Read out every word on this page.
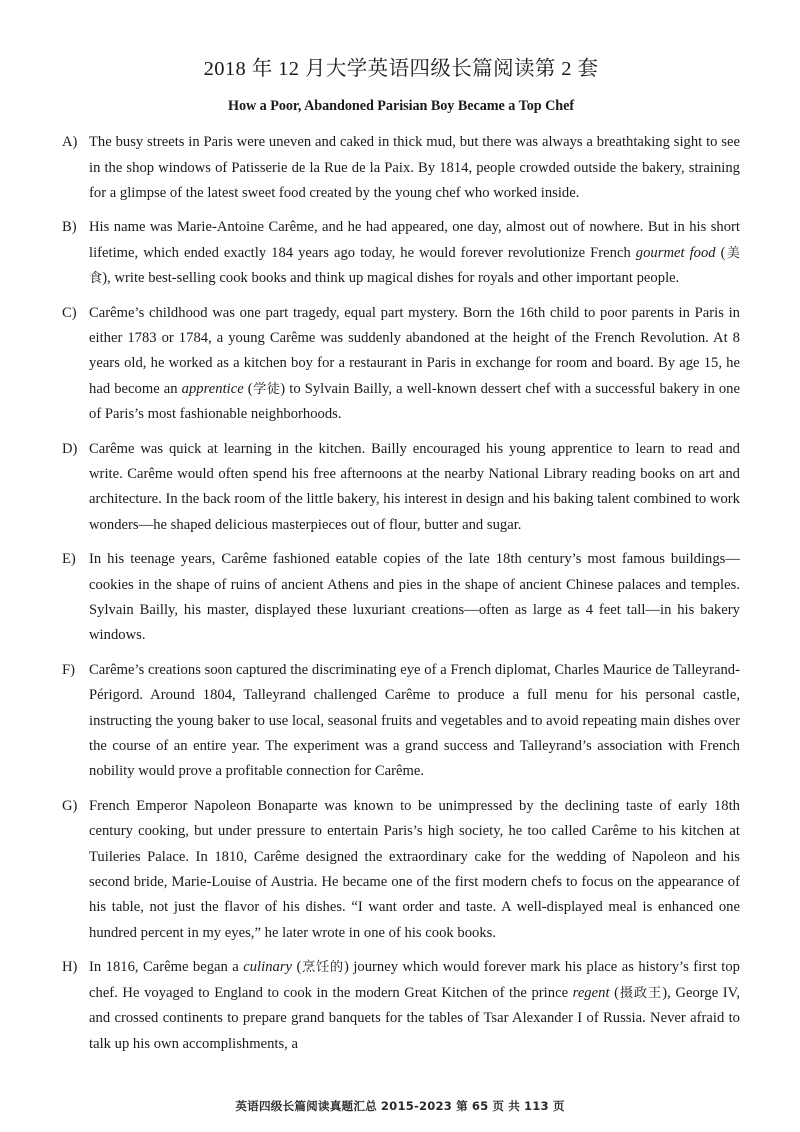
2018 年 12 月大学英语四级长篇阅读第 2 套
How a Poor, Abandoned Parisian Boy Became a Top Chef
A) The busy streets in Paris were uneven and caked in thick mud, but there was always a breathtaking sight to see in the shop windows of Patisserie de la Rue de la Paix. By 1814, people crowded outside the bakery, straining for a glimpse of the latest sweet food created by the young chef who worked inside.
B) His name was Marie-Antoine Carême, and he had appeared, one day, almost out of nowhere. But in his short lifetime, which ended exactly 184 years ago today, he would forever revolutionize French gourmet food (美食), write best-selling cook books and think up magical dishes for royals and other important people.
C) Carême’s childhood was one part tragedy, equal part mystery. Born the 16th child to poor parents in Paris in either 1783 or 1784, a young Carême was suddenly abandoned at the height of the French Revolution. At 8 years old, he worked as a kitchen boy for a restaurant in Paris in exchange for room and board. By age 15, he had become an apprentice (学徒) to Sylvain Bailly, a well-known dessert chef with a successful bakery in one of Paris’s most fashionable neighborhoods.
D) Carême was quick at learning in the kitchen. Bailly encouraged his young apprentice to learn to read and write. Carême would often spend his free afternoons at the nearby National Library reading books on art and architecture. In the back room of the little bakery, his interest in design and his baking talent combined to work wonders—he shaped delicious masterpieces out of flour, butter and sugar.
E) In his teenage years, Carême fashioned eatable copies of the late 18th century’s most famous buildings—cookies in the shape of ruins of ancient Athens and pies in the shape of ancient Chinese palaces and temples. Sylvain Bailly, his master, displayed these luxuriant creations—often as large as 4 feet tall—in his bakery windows.
F) Carême’s creations soon captured the discriminating eye of a French diplomat, Charles Maurice de Talleyrand-Périgord. Around 1804, Talleyrand challenged Carême to produce a full menu for his personal castle, instructing the young baker to use local, seasonal fruits and vegetables and to avoid repeating main dishes over the course of an entire year. The experiment was a grand success and Talleyrand’s association with French nobility would prove a profitable connection for Carême.
G) French Emperor Napoleon Bonaparte was known to be unimpressed by the declining taste of early 18th century cooking, but under pressure to entertain Paris’s high society, he too called Carême to his kitchen at Tuileries Palace. In 1810, Carême designed the extraordinary cake for the wedding of Napoleon and his second bride, Marie-Louise of Austria. He became one of the first modern chefs to focus on the appearance of his table, not just the flavor of his dishes. “I want order and taste. A well-displayed meal is enhanced one hundred percent in my eyes,” he later wrote in one of his cook books.
H) In 1816, Carême began a culinary (烹饪的) journey which would forever mark his place as history’s first top chef. He voyaged to England to cook in the modern Great Kitchen of the prince regent (摄政王), George IV, and crossed continents to prepare grand banquets for the tables of Tsar Alexander I of Russia. Never afraid to talk up his own accomplishments, a
英语四级长篇阅读真题汇总 2015-2023 第 65 页 共 113 页
